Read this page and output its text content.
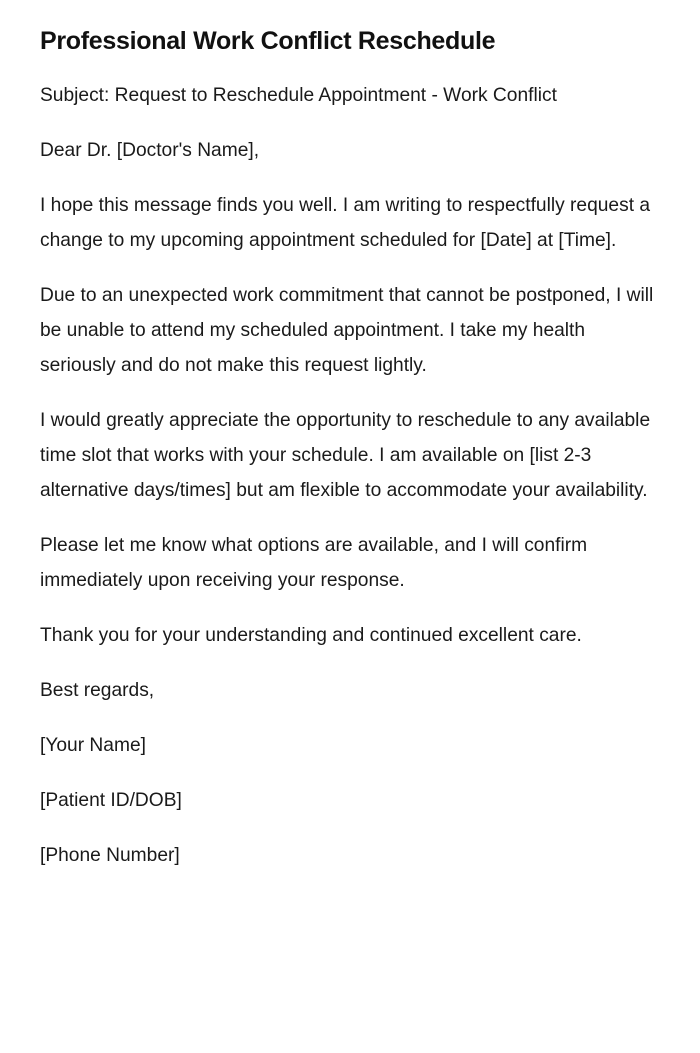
Professional Work Conflict Reschedule

Subject: Request to Reschedule Appointment - Work Conflict

Dear Dr. [Doctor's Name],

I hope this message finds you well. I am writing to respectfully request a change to my upcoming appointment scheduled for [Date] at [Time].

Due to an unexpected work commitment that cannot be postponed, I will be unable to attend my scheduled appointment. I take my health seriously and do not make this request lightly.

I would greatly appreciate the opportunity to reschedule to any available time slot that works with your schedule. I am available on [list 2-3 alternative days/times] but am flexible to accommodate your availability.

Please let me know what options are available, and I will confirm immediately upon receiving your response.

Thank you for your understanding and continued excellent care.

Best regards,

[Your Name]

[Patient ID/DOB]

[Phone Number]
